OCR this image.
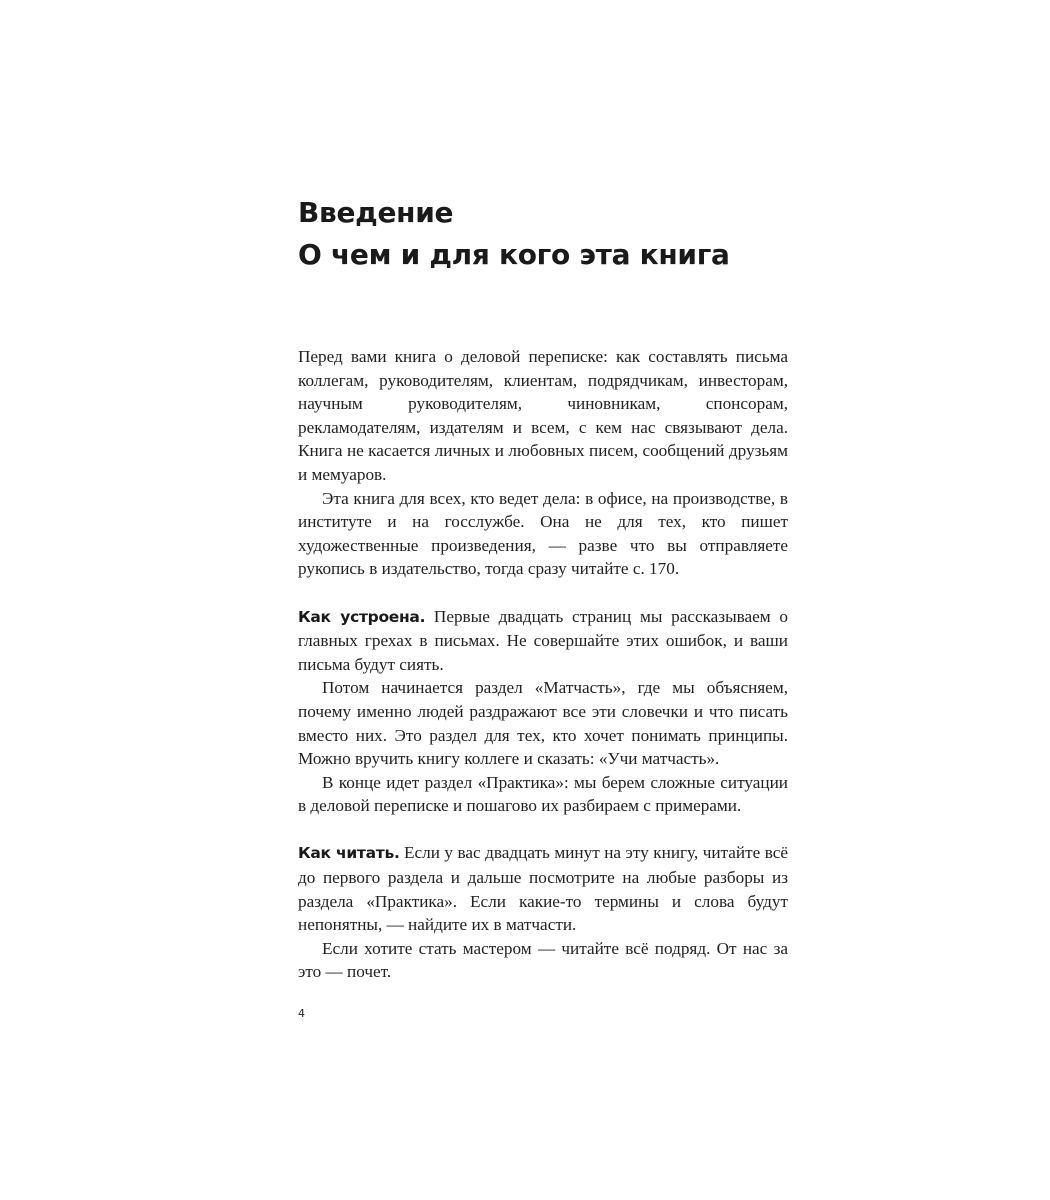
Введение
О чем и для кого эта книга

Перед вами книга о деловой переписке: как составлять письма коллегам, руководителям, клиентам, подрядчикам, инвесторам, научным руководителям, чиновникам, спонсорам, рекламодателям, издателям и всем, с кем нас связывают дела. Книга не касается личных и любовных писем, сообщений друзьям и мемуаров.

Эта книга для всех, кто ведет дела: в офисе, на производстве, в институте и на госслужбе. Она не для тех, кто пишет художественные произведения, — разве что вы отправляете рукопись в издательство, тогда сразу читайте с. 170.

Как устроена. Первые двадцать страниц мы рассказываем о главных грехах в письмах. Не совершайте этих ошибок, и ваши письма будут сиять.

Потом начинается раздел «Матчасть», где мы объясняем, почему именно людей раздражают все эти словечки и что писать вместо них. Это раздел для тех, кто хочет понимать принципы. Можно вручить книгу коллеге и сказать: «Учи матчасть».

В конце идет раздел «Практика»: мы берем сложные ситуации в деловой переписке и пошагово их разбираем с примерами.

Как читать. Если у вас двадцать минут на эту книгу, читайте всё до первого раздела и дальше посмотрите на любые разборы из раздела «Практика». Если какие-то термины и слова будут непонятны, — найдите их в матчасти.

Если хотите стать мастером — читайте всё подряд. От нас за это — почет.

4
